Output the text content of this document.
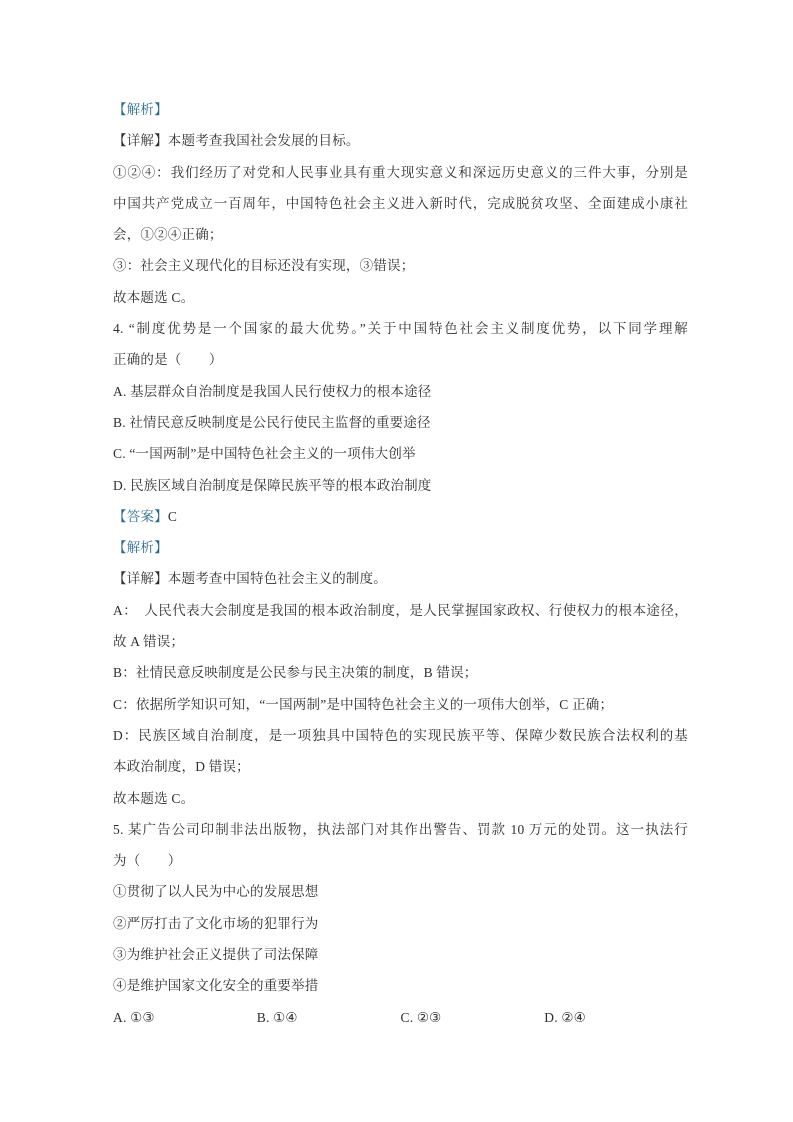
【解析】
【详解】本题考查我国社会发展的目标。
①②④：我们经历了对党和人民事业具有重大现实意义和深远历史意义的三件大事，分别是
中国共产党成立一百周年，中国特色社会主义进入新时代，完成脱贫攻坚、全面建成小康社
会，①②④正确；
③：社会主义现代化的目标还没有实现，③错误；
故本题选 C。
4. “制度优势是一个国家的最大优势。”关于中国特色社会主义制度优势，以下同学理解
正确的是（　　）
A. 基层群众自治制度是我国人民行使权力的根本途径
B. 社情民意反映制度是公民行使民主监督的重要途径
C. “一国两制”是中国特色社会主义的一项伟大创举
D. 民族区域自治制度是保障民族平等的根本政治制度
【答案】C
【解析】
【详解】本题考查中国特色社会主义的制度。
A：　人民代表大会制度是我国的根本政治制度，是人民掌握国家政权、行使权力的根本途径，
故 A 错误；
B：社情民意反映制度是公民参与民主决策的制度，B 错误；
C：依据所学知识可知，“一国两制”是中国特色社会主义的一项伟大创举，C 正确；
D：民族区域自治制度，是一项独具中国特色的实现民族平等、保障少数民族合法权利的基
本政治制度，D 错误；
故本题选 C。
5. 某广告公司印制非法出版物，执法部门对其作出警告、罚款 10 万元的处罚。这一执法行
为（　　）
①贯彻了以人民为中心的发展思想
②严厉打击了文化市场的犯罪行为
③为维护社会正义提供了司法保障
④是维护国家文化安全的重要举措
A. ①③	B. ①④	C. ②③	D. ②④
